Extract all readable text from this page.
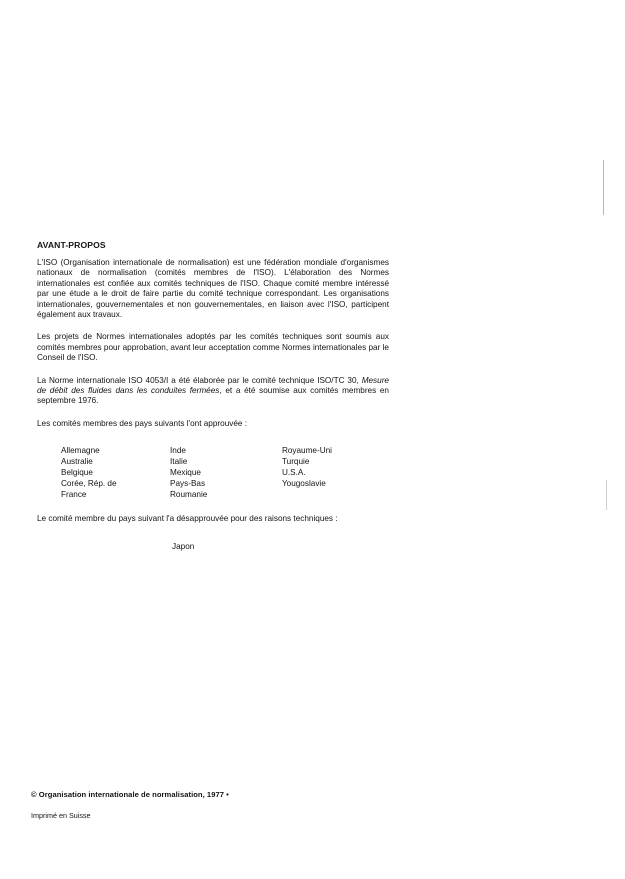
AVANT-PROPOS

L'ISO (Organisation internationale de normalisation) est une fédération mondiale d'organismes nationaux de normalisation (comités membres de l'ISO). L'élaboration des Normes internationales est confiée aux comités techniques de l'ISO. Chaque comité membre intéressé par une étude a le droit de faire partie du comité technique correspondant. Les organisations internationales, gouvernementales et non gouvernementales, en liaison avec l'ISO, participent également aux travaux.

Les projets de Normes internationales adoptés par les comités techniques sont soumis aux comités membres pour approbation, avant leur acceptation comme Normes internationales par le Conseil de l'ISO.

La Norme internationale ISO 4053/I a été élaborée par le comité technique ISO/TC 30, Mesure de débit des fluides dans les conduites fermées, et a été soumise aux comités membres en septembre 1976.

Les comités membres des pays suivants l'ont approuvée :

Allemagne
Australie
Belgique
Corée, Rép. de
France
Inde
Italie
Mexique
Pays-Bas
Roumanie
Royaume-Uni
Turquie
U.S.A.
Yougoslavie

Le comité membre du pays suivant l'a désapprouvée pour des raisons techniques :

Japon
© Organisation internationale de normalisation, 1977 •
Imprimé en Suisse
